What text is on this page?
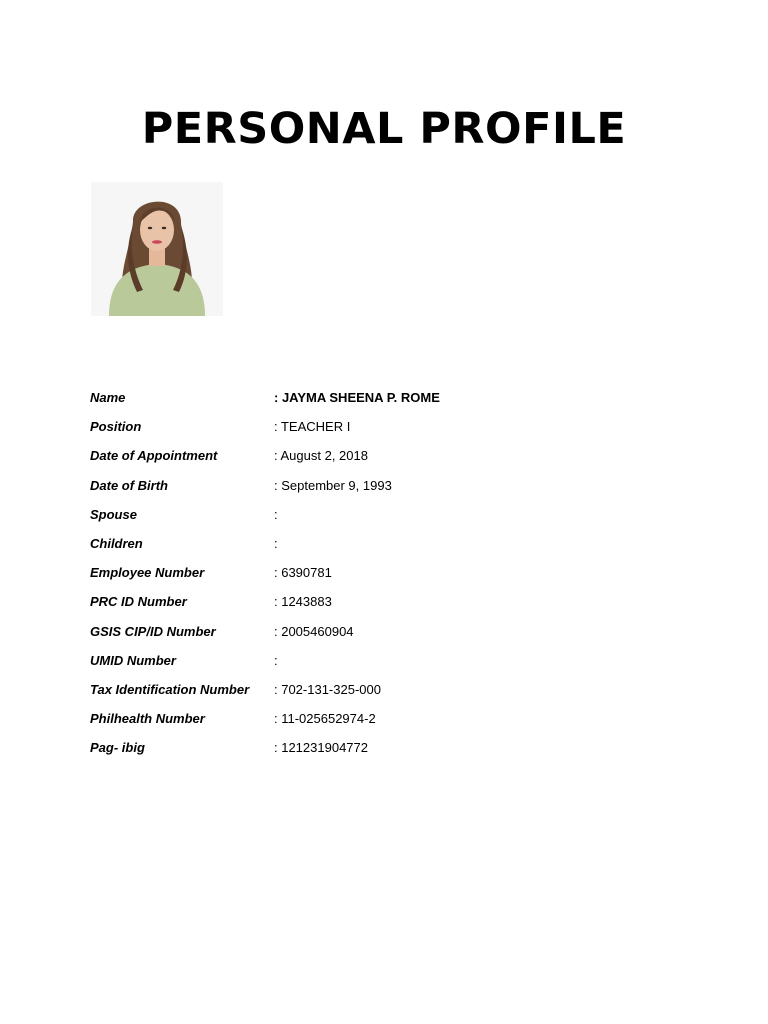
PERSONAL PROFILE
Name	: JAYMA SHEENA P. ROME
Position	: TEACHER I
Date of Appointment	: August 2, 2018
Date of Birth	: September 9, 1993
Spouse	:
Children	:
Employee Number	: 6390781
PRC ID Number	: 1243883
GSIS CIP/ID Number	: 2005460904
UMID Number	:
Tax Identification Number	: 702-131-325-000
Philhealth Number	: 11-025652974-2
Pag- ibig	: 121231904772
